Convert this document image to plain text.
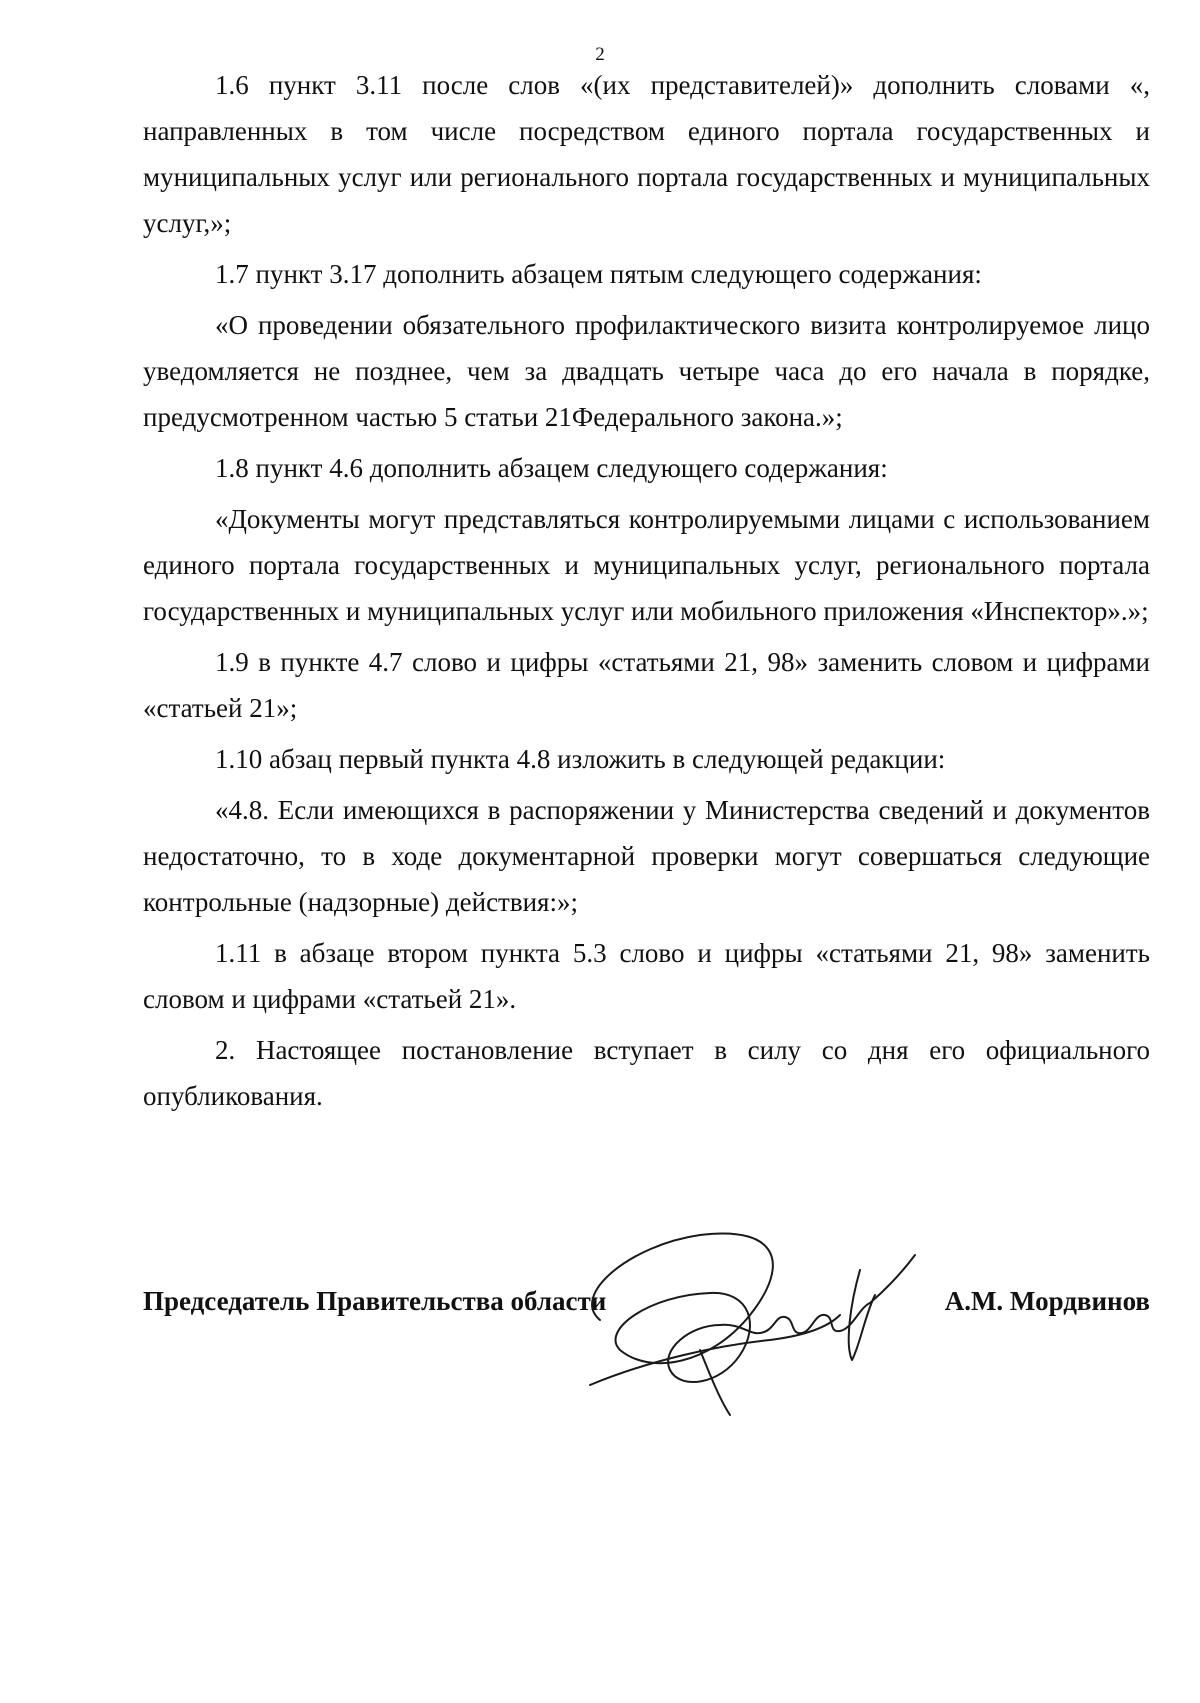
2

1.6 пункт 3.11 после слов «(их представителей)» дополнить словами «, направленных в том числе посредством единого портала государственных и муниципальных услуг или регионального портала государственных и муниципальных услуг,»;

1.7 пункт 3.17 дополнить абзацем пятым следующего содержания:

«О проведении обязательного профилактического визита контролируемое лицо уведомляется не позднее, чем за двадцать четыре часа до его начала в порядке, предусмотренном частью 5 статьи 21Федерального закона.»;

1.8 пункт 4.6 дополнить абзацем следующего содержания:

«Документы могут представляться контролируемыми лицами с использованием единого портала государственных и муниципальных услуг, регионального портала государственных и муниципальных услуг или мобильного приложения «Инспектор».»;

1.9 в пункте 4.7 слово и цифры «статьями 21, 98» заменить словом и цифрами «статьей 21»;

1.10 абзац первый пункта 4.8 изложить в следующей редакции:

«4.8. Если имеющихся в распоряжении у Министерства сведений и документов недостаточно, то в ходе документарной проверки могут совершаться следующие контрольные (надзорные) действия:»;

1.11 в абзаце втором пункта 5.3 слово и цифры «статьями 21, 98» заменить словом и цифрами «статьей 21».

2. Настоящее постановление вступает в силу со дня его официального опубликования.

Председатель Правительства области	А.М. Мордвинов
